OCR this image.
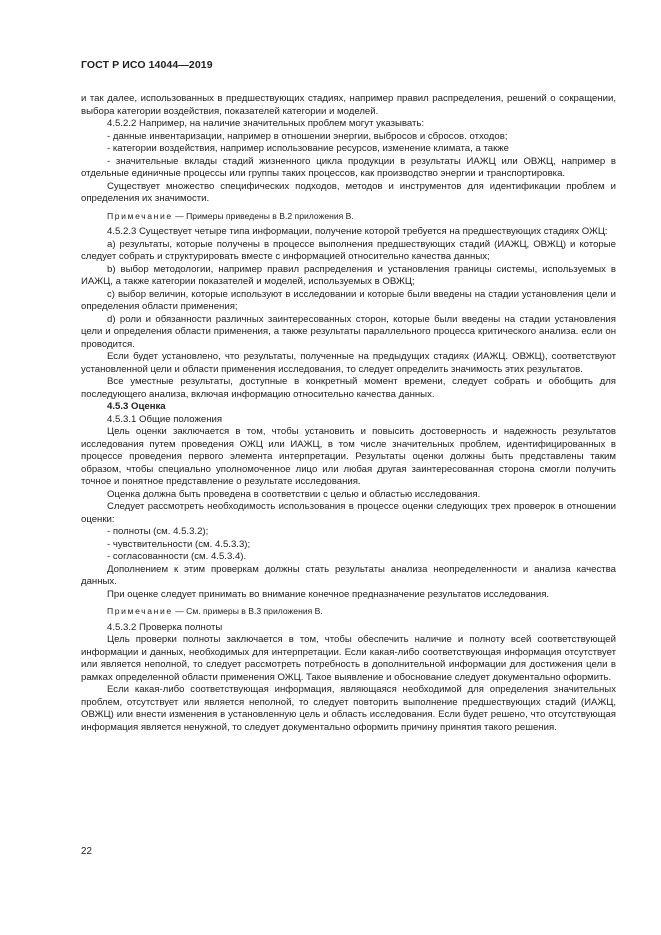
ГОСТ Р ИСО 14044—2019

и так далее, использованных в предшествующих стадиях, например правил распределения, решений о сокращении, выбора категории воздействия, показателей категории и моделей.

4.5.2.2 Например, на наличие значительных проблем могут указывать:

- данные инвентаризации, например в отношении энергии, выбросов и сбросов. отходов;

- категории воздействия, например использование ресурсов, изменение климата, а также

- значительные вклады стадий жизненного цикла продукции в результаты ИАЖЦ или ОВЖЦ, например в отдельные единичные процессы или группы таких процессов, как производство энергии и транспортировка.

Существует множество специфических подходов, методов и инструментов для идентификации проблем и определения их значимости.

Примечание — Примеры приведены в В.2 приложения В.

4.5.2.3 Существует четыре типа информации, получение которой требуется на предшествующих стадиях ОЖЦ:

a) результаты, которые получены в процессе выполнения предшествующих стадий (ИАЖЦ, ОВЖЦ) и которые следует собрать и структурировать вместе с информацией относительно качества данных;

b) выбор методологии, например правил распределения и установления границы системы, используемых в ИАЖЦ, а также категории показателей и моделей, используемых в ОВЖЦ;

c) выбор величин, которые используют в исследовании и которые были введены на стадии установления цели и определения области применения;

d) роли и обязанности различных заинтересованных сторон, которые были введены на стадии установления цели и определения области применения, а также результаты параллельного процесса критического анализа. если он проводится.

Если будет установлено, что результаты, полученные на предыдущих стадиях (ИАЖЦ. ОВЖЦ), соответствуют установленной цели и области применения исследования, то следует определить значимость этих результатов.

Все уместные результаты, доступные в конкретный момент времени, следует собрать и обобщить для последующего анализа, включая информацию относительно качества данных.

4.5.3 Оценка

4.5.3.1 Общие положения

Цель оценки заключается в том, чтобы установить и повысить достоверность и надежность результатов исследования путем проведения ОЖЦ или ИАЖЦ, в том числе значительных проблем, идентифицированных в процессе проведения первого элемента интерпретации. Результаты оценки должны быть представлены таким образом, чтобы специально уполномоченное лицо или любая другая заинтересованная сторона смогли получить точное и понятное представление о результате исследования.

Оценка должна быть проведена в соответствии с целью и областью исследования.

Следует рассмотреть необходимость использования в процессе оценки следующих трех проверок в отношении оценки:

- полноты (см. 4.5.3.2);

- чувствительности (см. 4.5.3.3);

- согласованности (см. 4.5.3.4).

Дополнением к этим проверкам должны стать результаты анализа неопределенности и анализа качества данных.

При оценке следует принимать во внимание конечное предназначение результатов исследования.

Примечание — См. примеры в В.3 приложения В.

4.5.3.2 Проверка полноты

Цель проверки полноты заключается в том, чтобы обеспечить наличие и полноту всей соответствующей информации и данных, необходимых для интерпретации. Если какая-либо соответствующая информация отсутствует или является неполной, то следует рассмотреть потребность в дополнительной информации для достижения цели в рамках определенной области применения ОЖЦ. Такое выявление и обоснование следует документально оформить.

Если какая-либо соответствующая информация, являющаяся необходимой для определения значительных проблем, отсутствует или является неполной, то следует повторить выполнение предшествующих стадий (ИАЖЦ, ОВЖЦ) или внести изменения в установленную цель и область исследования. Если будет решено, что отсутствующая информация является ненужной, то следует документально оформить причину принятия такого решения.

22
